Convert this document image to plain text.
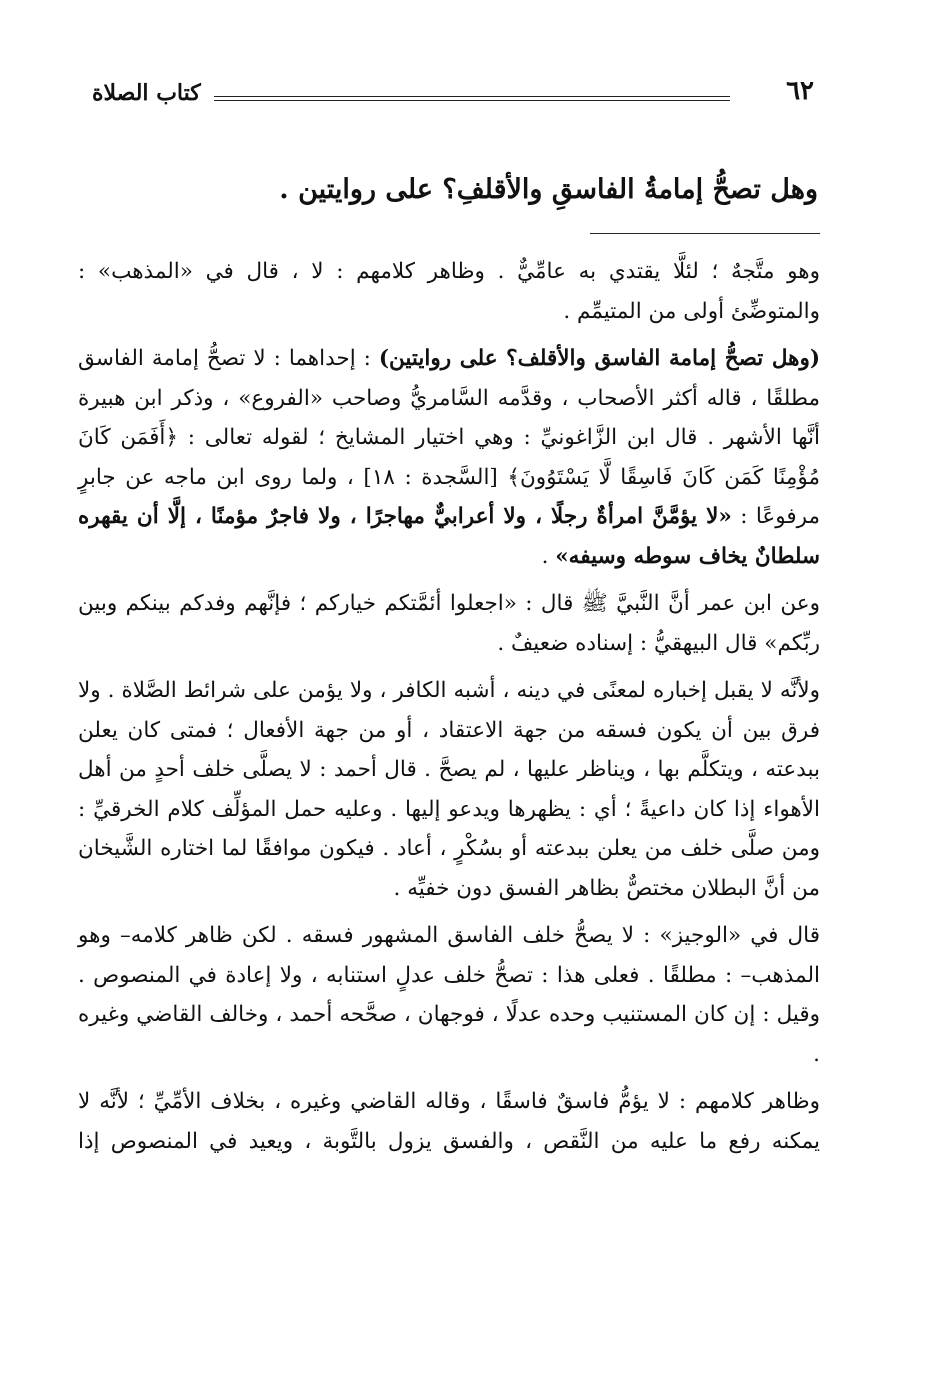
كتاب الصلاة	٦٢
وهل تصحُّ إمامةُ الفاسقِ والأقلفِ؟ على روايتين .

وهو متَّجهٌ ؛ لئلَّا يقتدي به عامِّيٌّ . وظاهر كلامهم : لا ، قال في «المذهب» : والمتوضِّئ أولى من المتيمِّم .

(وهل تصحُّ إمامة الفاسق والأقلف؟ على روايتين) : إحداهما : لا تصحُّ إمامة الفاسق مطلقًا ، قاله أكثر الأصحاب ، وقدَّمه السَّامريُّ وصاحب «الفروع» ، وذكر ابن هبيرة أنَّها الأشهر . قال ابن الزَّاغونيِّ : وهي اختيار المشايخ ؛ لقوله تعالى : ﴿أَفَمَن كَانَ مُؤْمِنًا كَمَن كَانَ فَاسِقًا لَّا يَسْتَوُونَ﴾ [السَّجدة : ١٨] ، ولما روى ابن ماجه عن جابرٍ مرفوعًا : «لا يؤمَّنَّ امرأةٌ رجلًا ، ولا أعرابيٌّ مهاجرًا ، ولا فاجرٌ مؤمنًا ، إلَّا أن يقهره سلطانٌ يخاف سوطه وسيفه» .

وعن ابن عمر أنَّ النَّبيَّ ﷺ قال : «اجعلوا أئمَّتكم خياركم ؛ فإنَّهم وفدكم بينكم وبين ربِّكم» قال البيهقيُّ : إسناده ضعيفٌ .

ولأنَّه لا يقبل إخباره لمعنًى في دينه ، أشبه الكافر ، ولا يؤمن على شرائط الصَّلاة . ولا فرق بين أن يكون فسقه من جهة الاعتقاد ، أو من جهة الأفعال ؛ فمتى كان يعلن ببدعته ، ويتكلَّم بها ، ويناظر عليها ، لم يصحَّ . قال أحمد : لا يصلَّى خلف أحدٍ من أهل الأهواء إذا كان داعيةً ؛ أي : يظهرها ويدعو إليها . وعليه حمل المؤلِّف كلام الخرقيِّ : ومن صلَّى خلف من يعلن ببدعته أو بسُكْرٍ ، أعاد . فيكون موافقًا لما اختاره الشَّيخان من أنَّ البطلان مختصٌّ بظاهر الفسق دون خفيِّه .

قال في «الوجيز» : لا يصحُّ خلف الفاسق المشهور فسقه . لكن ظاهر كلامه– وهو المذهب– : مطلقًا . فعلى هذا : تصحُّ خلف عدلٍ استنابه ، ولا إعادة في المنصوص . وقيل : إن كان المستنيب وحده عدلًا ، فوجهان ، صحَّحه أحمد ، وخالف القاضي وغيره .

وظاهر كلامهم : لا يؤمُّ فاسقٌ فاسقًا ، وقاله القاضي وغيره ، بخلاف الأمِّيِّ ؛ لأنَّه لا يمكنه رفع ما عليه من النَّقص ، والفسق يزول بالتَّوبة ، ويعيد في المنصوص إذا
